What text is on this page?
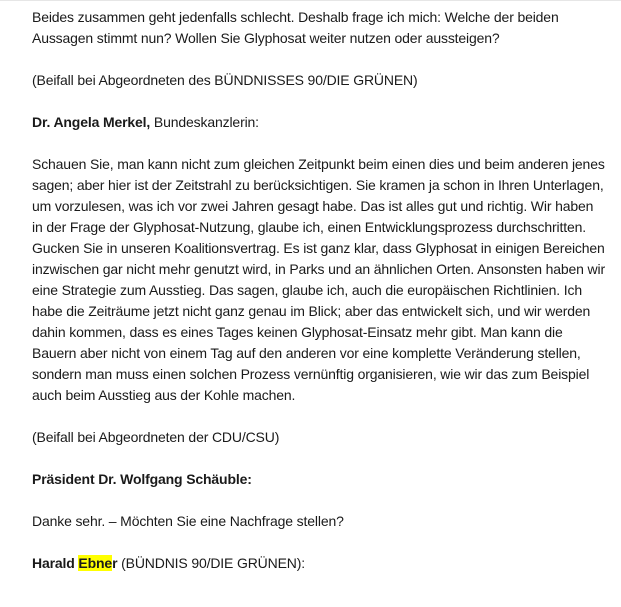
Beides zusammen geht jedenfalls schlecht. Deshalb frage ich mich: Welche der beiden Aussagen stimmt nun? Wollen Sie Glyphosat weiter nutzen oder aussteigen?

(Beifall bei Abgeordneten des BÜNDNISSES 90/DIE GRÜNEN)

Dr. Angela Merkel, Bundeskanzlerin:

Schauen Sie, man kann nicht zum gleichen Zeitpunkt beim einen dies und beim anderen jenes sagen; aber hier ist der Zeitstrahl zu berücksichtigen. Sie kramen ja schon in Ihren Unterlagen, um vorzulesen, was ich vor zwei Jahren gesagt habe. Das ist alles gut und richtig. Wir haben in der Frage der Glyphosat-Nutzung, glaube ich, einen Entwicklungsprozess durchschritten. Gucken Sie in unseren Koalitionsvertrag. Es ist ganz klar, dass Glyphosat in einigen Bereichen inzwischen gar nicht mehr genutzt wird, in Parks und an ähnlichen Orten. Ansonsten haben wir eine Strategie zum Ausstieg. Das sagen, glaube ich, auch die europäischen Richtlinien. Ich habe die Zeiträume jetzt nicht ganz genau im Blick; aber das entwickelt sich, und wir werden dahin kommen, dass es eines Tages keinen Glyphosat-Einsatz mehr gibt. Man kann die Bauern aber nicht von einem Tag auf den anderen vor eine komplette Veränderung stellen, sondern man muss einen solchen Prozess vernünftig organisieren, wie wir das zum Beispiel auch beim Ausstieg aus der Kohle machen.

(Beifall bei Abgeordneten der CDU/CSU)

Präsident Dr. Wolfgang Schäuble:

Danke sehr. – Möchten Sie eine Nachfrage stellen?

Harald Ebner (BÜNDNIS 90/DIE GRÜNEN):
